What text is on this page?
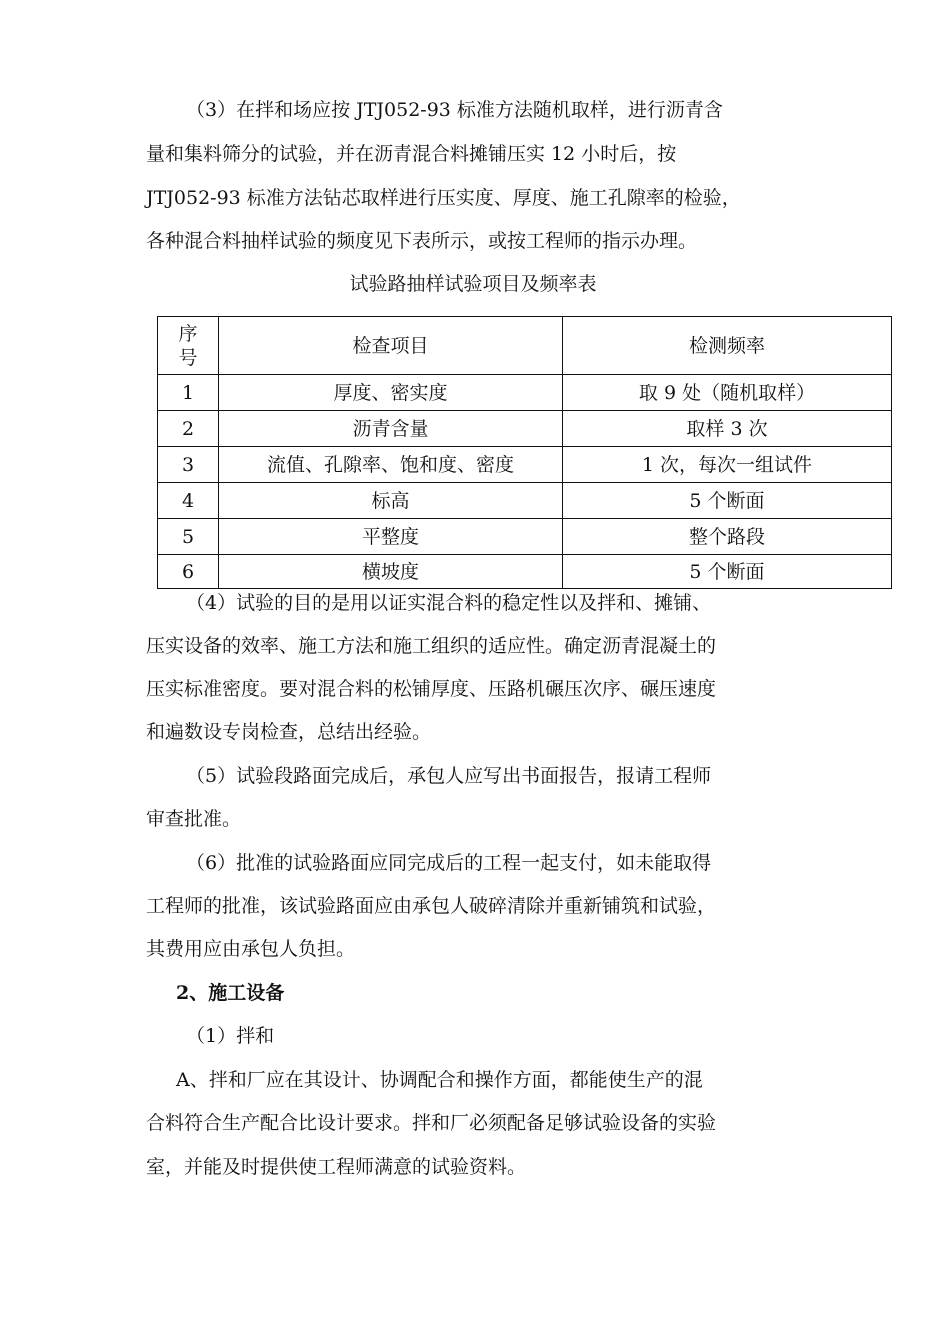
（3）在拌和场应按 JTJ052-93 标准方法随机取样，进行沥青含
量和集料筛分的试验，并在沥青混合料摊铺压实 12 小时后，按
JTJ052-93 标准方法钻芯取样进行压实度、厚度、施工孔隙率的检验，
各种混合料抽样试验的频度见下表所示，或按工程师的指示办理。
试验路抽样试验项目及频率表
序
号	检查项目	检测频率
1	厚度、密实度	取 9 处（随机取样）
2	沥青含量	取样 3 次
3	流值、孔隙率、饱和度、密度	1 次，每次一组试件
4	标高	5 个断面
5	平整度	整个路段
6	横坡度	5 个断面
（4）试验的目的是用以证实混合料的稳定性以及拌和、摊铺、
压实设备的效率、施工方法和施工组织的适应性。确定沥青混凝土的
压实标准密度。要对混合料的松铺厚度、压路机碾压次序、碾压速度
和遍数设专岗检查，总结出经验。
（5）试验段路面完成后，承包人应写出书面报告，报请工程师
审查批准。
（6）批准的试验路面应同完成后的工程一起支付，如未能取得
工程师的批准，该试验路面应由承包人破碎清除并重新铺筑和试验，
其费用应由承包人负担。
2、施工设备
（1）拌和
A、拌和厂应在其设计、协调配合和操作方面，都能使生产的混
合料符合生产配合比设计要求。拌和厂必须配备足够试验设备的实验
室，并能及时提供使工程师满意的试验资料。
